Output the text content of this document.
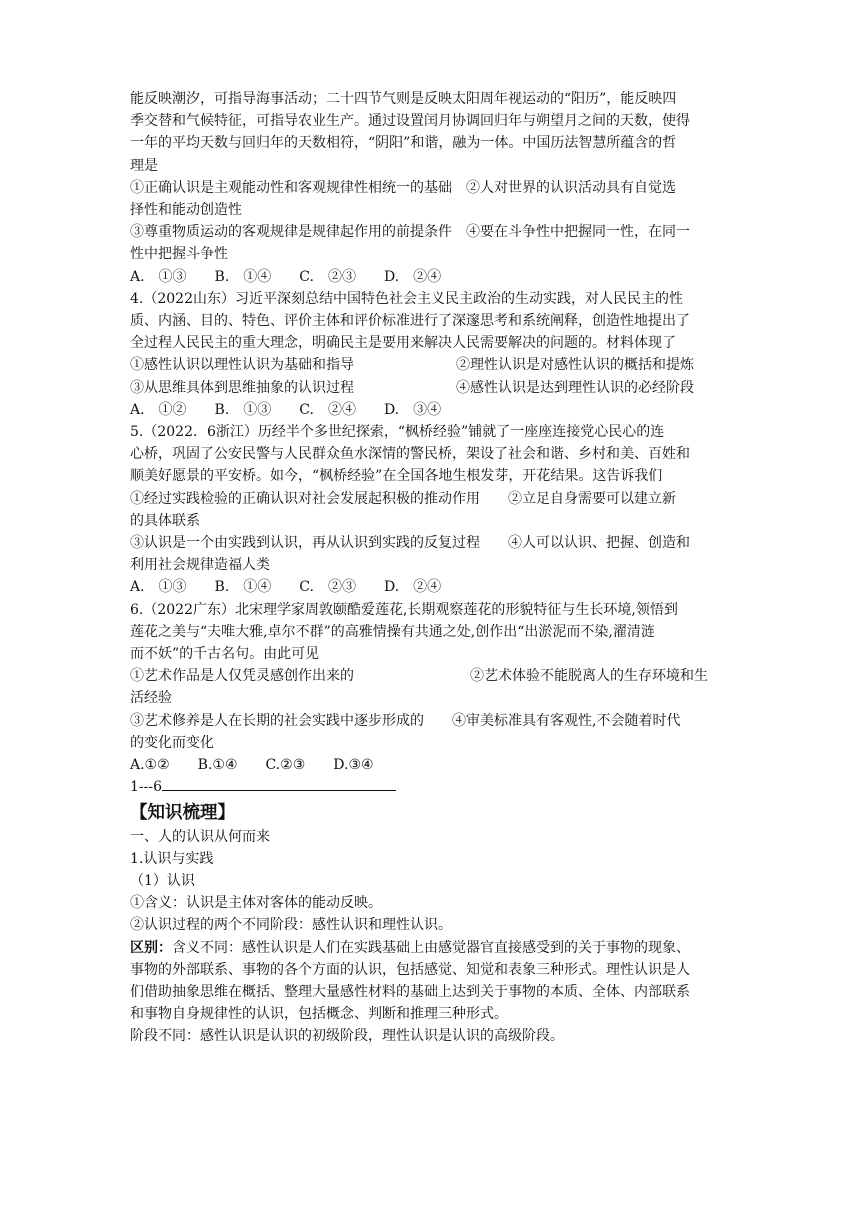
能反映潮汐，可指导海事活动；二十四节气则是反映太阳周年视运动的“阳历”，能反映四

季交替和气候特征，可指导农业生产。通过设置闰月协调回归年与朔望月之间的天数，使得

一年的平均天数与回归年的天数相符，“阴阳”和谐，融为一体。中国历法智慧所蕴含的哲

理是

①正确认识是主观能动性和客观规律性相统一的基础　②人对世界的认识活动具有自觉选

择性和能动创造性

③尊重物质运动的客观规律是规律起作用的前提条件　④要在斗争性中把握同一性，在同一

性中把握斗争性

A.　①③　　B.　①④　　C.　②③　　D.　②④

4.（2022山东）习近平深刻总结中国特色社会主义民主政治的生动实践，对人民民主的性

质、内涵、目的、特色、评价主体和评价标准进行了深邃思考和系统阐释，创造性地提出了

全过程人民民主的重大理念，明确民主是要用来解决人民需要解决的问题的。材料体现了

①感性认识以理性认识为基础和指导	②理性认识是对感性认识的概括和提炼
③从思维具体到思维抽象的认识过程	④感性认识是达到理性认识的必经阶段

A.　①②　　B.　①③　　C.　②④　　D.　③④

5.（2022．6浙江）历经半个多世纪探索，“枫桥经验”铺就了一座座连接党心民心的连

心桥，巩固了公安民警与人民群众鱼水深情的警民桥，架设了社会和谐、乡村和美、百姓和

顺美好愿景的平安桥。如今，“枫桥经验”在全国各地生根发芽，开花结果。这告诉我们

①经过实践检验的正确认识对社会发展起积极的推动作用　　②立足自身需要可以建立新

的具体联系

③认识是一个由实践到认识，再从认识到实践的反复过程　　④人可以认识、把握、创造和

利用社会规律造福人类

A.　①③　　B.　①④　　C.　②③　　D.　②④

6.（2022广东）北宋理学家周敦颐酷爱莲花,长期观察莲花的形貌特征与生长环境,领悟到

莲花之美与“夫唯大雅,卓尔不群”的高雅情操有共通之处,创作出“出淤泥而不染,濯清涟

而不妖”的千古名句。由此可见

①艺术作品是人仅凭灵感创作出来的	②艺术体验不能脱离人的生存环境和生

活经验

③艺术修养是人在长期的社会实践中逐步形成的　　④审美标准具有客观性,不会随着时代

的变化而变化

A.①②　　B.①④　　C.②③　　D.③④

1---6

【知识梳理】

一、人的认识从何而来

1.认识与实践

（1）认识

①含义：认识是主体对客体的能动反映。

②认识过程的两个不同阶段：感性认识和理性认识。

区别：含义不同：感性认识是人们在实践基础上由感觉器官直接感受到的关于事物的现象、

事物的外部联系、事物的各个方面的认识，包括感觉、知觉和表象三种形式。理性认识是人

们借助抽象思维在概括、整理大量感性材料的基础上达到关于事物的本质、全体、内部联系

和事物自身规律性的认识，包括概念、判断和推理三种形式。

阶段不同：感性认识是认识的初级阶段，理性认识是认识的高级阶段。
